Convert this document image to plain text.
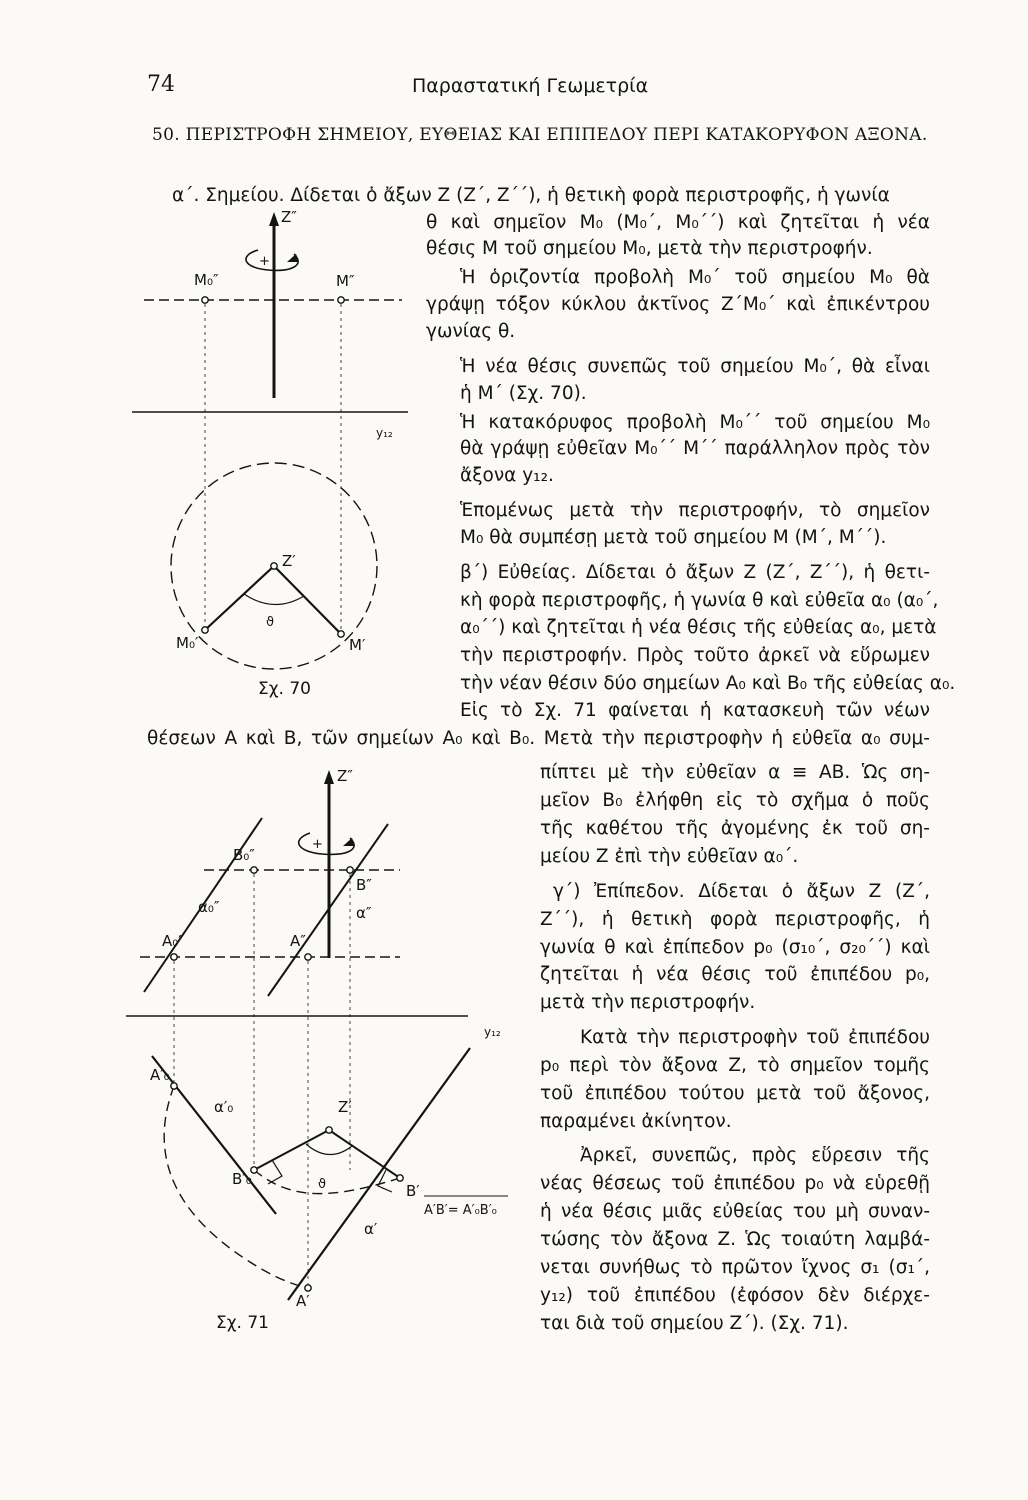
74	Παραστατική Γεωμετρία
50. ΠΕΡΙΣΤΡΟΦΗ ΣΗΜΕΙΟΥ, ΕΥΘΕΙΑΣ ΚΑΙ ΕΠΙΠΕΔΟΥ ΠΕΡΙ ΚΑΤΑΚΟΡΥΦΟΝ ΑΞΟΝΑ.
α΄. Σημείου. Δίδεται ὁ ἄξων Ζ (Ζ΄, Ζ΄΄), ἡ θετικὴ φορὰ περιστροφῆς, ἡ γωνία
θ καὶ σημεῖον M₀ (M₀΄, M₀΄΄) καὶ ζητεῖται ἡ νέα
θέσις M τοῦ σημείου M₀, μετὰ τὴν περιστροφήν.
Ἡ ὁριζοντία προβολὴ M₀΄ τοῦ σημείου M₀ θὰ
γράψῃ τόξον κύκλου ἀκτῖνος Z΄M₀΄ καὶ ἐπικέντρου
γωνίας θ.
Ἡ νέα θέσις συνεπῶς τοῦ σημείου M₀΄, θὰ εἶναι
ἡ M΄ (Σχ. 70).
Ἡ κατακόρυφος προβολὴ M₀΄΄ τοῦ σημείου M₀
θὰ γράψῃ εὐθεῖαν M₀΄΄ M΄΄ παράλληλον πρὸς τὸν
ἄξονα y₁₂.
Ἑπομένως μετὰ τὴν περιστροφήν, τὸ σημεῖον
M₀ θὰ συμπέσῃ μετὰ τοῦ σημείου M (M΄, M΄΄).
β΄) Εὐθείας. Δίδεται ὁ ἄξων Ζ (Ζ΄, Ζ΄΄), ἡ θετι-
κὴ φορὰ περιστροφῆς, ἡ γωνία θ καὶ εὐθεῖα α₀ (α₀΄,
α₀΄΄) καὶ ζητεῖται ἡ νέα θέσις τῆς εὐθείας α₀, μετὰ
τὴν περιστροφήν. Πρὸς τοῦτο ἀρκεῖ νὰ εὕρωμεν
τὴν νέαν θέσιν δύο σημείων A₀ καὶ B₀ τῆς εὐθείας α₀.
Εἰς τὸ Σχ. 71 φαίνεται ἡ κατασκευὴ τῶν νέων
θέσεων A καὶ B, τῶν σημείων A₀ καὶ B₀. Μετὰ τὴν περιστροφὴν ἡ εὐθεῖα α₀ συμ-
πίπτει μὲ τὴν εὐθεῖαν α ≡ AB. Ὡς ση-
μεῖον B₀ ἐλήφθη εἰς τὸ σχῆμα ὁ ποῦς
τῆς καθέτου τῆς ἀγομένης ἐκ τοῦ ση-
μείου Ζ ἐπὶ τὴν εὐθεῖαν α₀΄.
γ΄) Ἐπίπεδον. Δίδεται ὁ ἄξων Ζ (Ζ΄,
Ζ΄΄), ἡ θετικὴ φορὰ περιστροφῆς, ἡ
γωνία θ καὶ ἐπίπεδον p₀ (σ₁₀΄, σ₂₀΄΄) καὶ
ζητεῖται ἡ νέα θέσις τοῦ ἐπιπέδου p₀,
μετὰ τὴν περιστροφήν.
Κατὰ τὴν περιστροφὴν τοῦ ἐπιπέδου
p₀ περὶ τὸν ἄξονα Ζ, τὸ σημεῖον τομῆς
τοῦ ἐπιπέδου τούτου μετὰ τοῦ ἄξονος,
παραμένει ἀκίνητον.
Ἀρκεῖ, συνεπῶς, πρὸς εὕρεσιν τῆς
νέας θέσεως τοῦ ἐπιπέδου p₀ νὰ εὑρεθῇ
ἡ νέα θέσις μιᾶς εὐθείας του μὴ συναν-
τώσης τὸν ἄξονα Ζ. Ὡς τοιαύτη λαμβά-
νεται συνήθως τὸ πρῶτον ἴχνος σ₁ (σ₁΄,
y₁₂) τοῦ ἐπιπέδου (ἐφόσον δὲν διέρχε-
ται διὰ τοῦ σημείου Ζ΄). (Σχ. 71).
Z″
+
M₀″	M″
y₁₂
Z′
ϑ
M₀′	M′
Σχ. 70
Z″
+
B₀″
B″
α₀″	α″
A₀″	A″
y₁₂
A′₀
α′₀	Z′
ϑ
B′₀
B′
A′B′= A′₀B′₀
α′
A′
Σχ. 71
